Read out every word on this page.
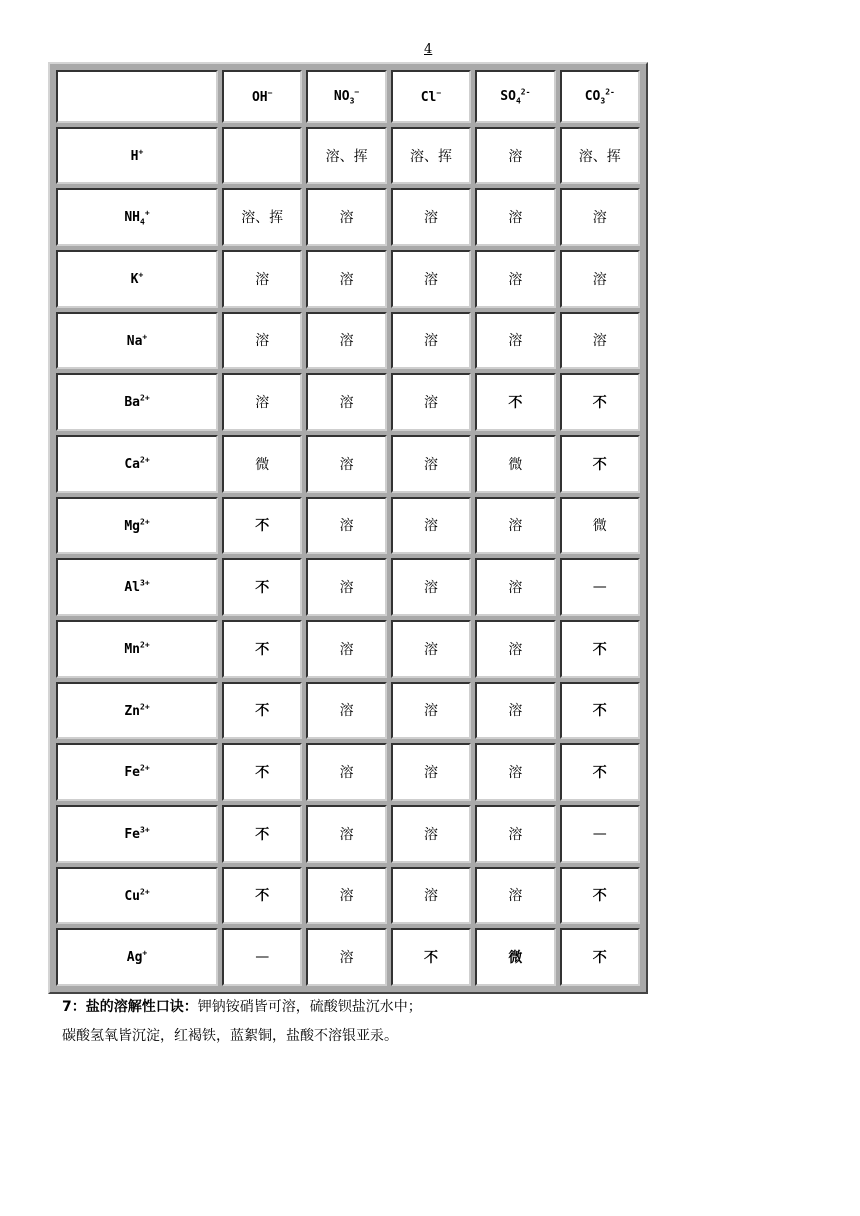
4
	OH−	$NO_3^-$	Cl−	$SO_4^{2-}$	$CO_3^{2-}$
H+		溶、挥	溶、挥	溶	溶、挥
$NH_4^+$	溶、挥	溶	溶	溶	溶
K+	溶	溶	溶	溶	溶
Na+	溶	溶	溶	溶	溶
$Ba^{2+}$	溶	溶	溶	不	不
$Ca^{2+}$	微	溶	溶	微	不
$Mg^{2+}$	不	溶	溶	溶	微
$Al^{3+}$	不	溶	溶	溶	—
$Mn^{2+}$	不	溶	溶	溶	不
$Zn^{2+}$	不	溶	溶	溶	不
$Fe^{2+}$	不	溶	溶	溶	不
$Fe^{3+}$	不	溶	溶	溶	—
$Cu^{2+}$	不	溶	溶	溶	不
Ag+	—	溶	不	微	不
7：盐的溶解性口诀：钾钠铵硝皆可溶，硫酸钡盐沉水中；
碳酸氢氧皆沉淀，红褐铁，蓝絮铜，盐酸不溶银亚汞。
